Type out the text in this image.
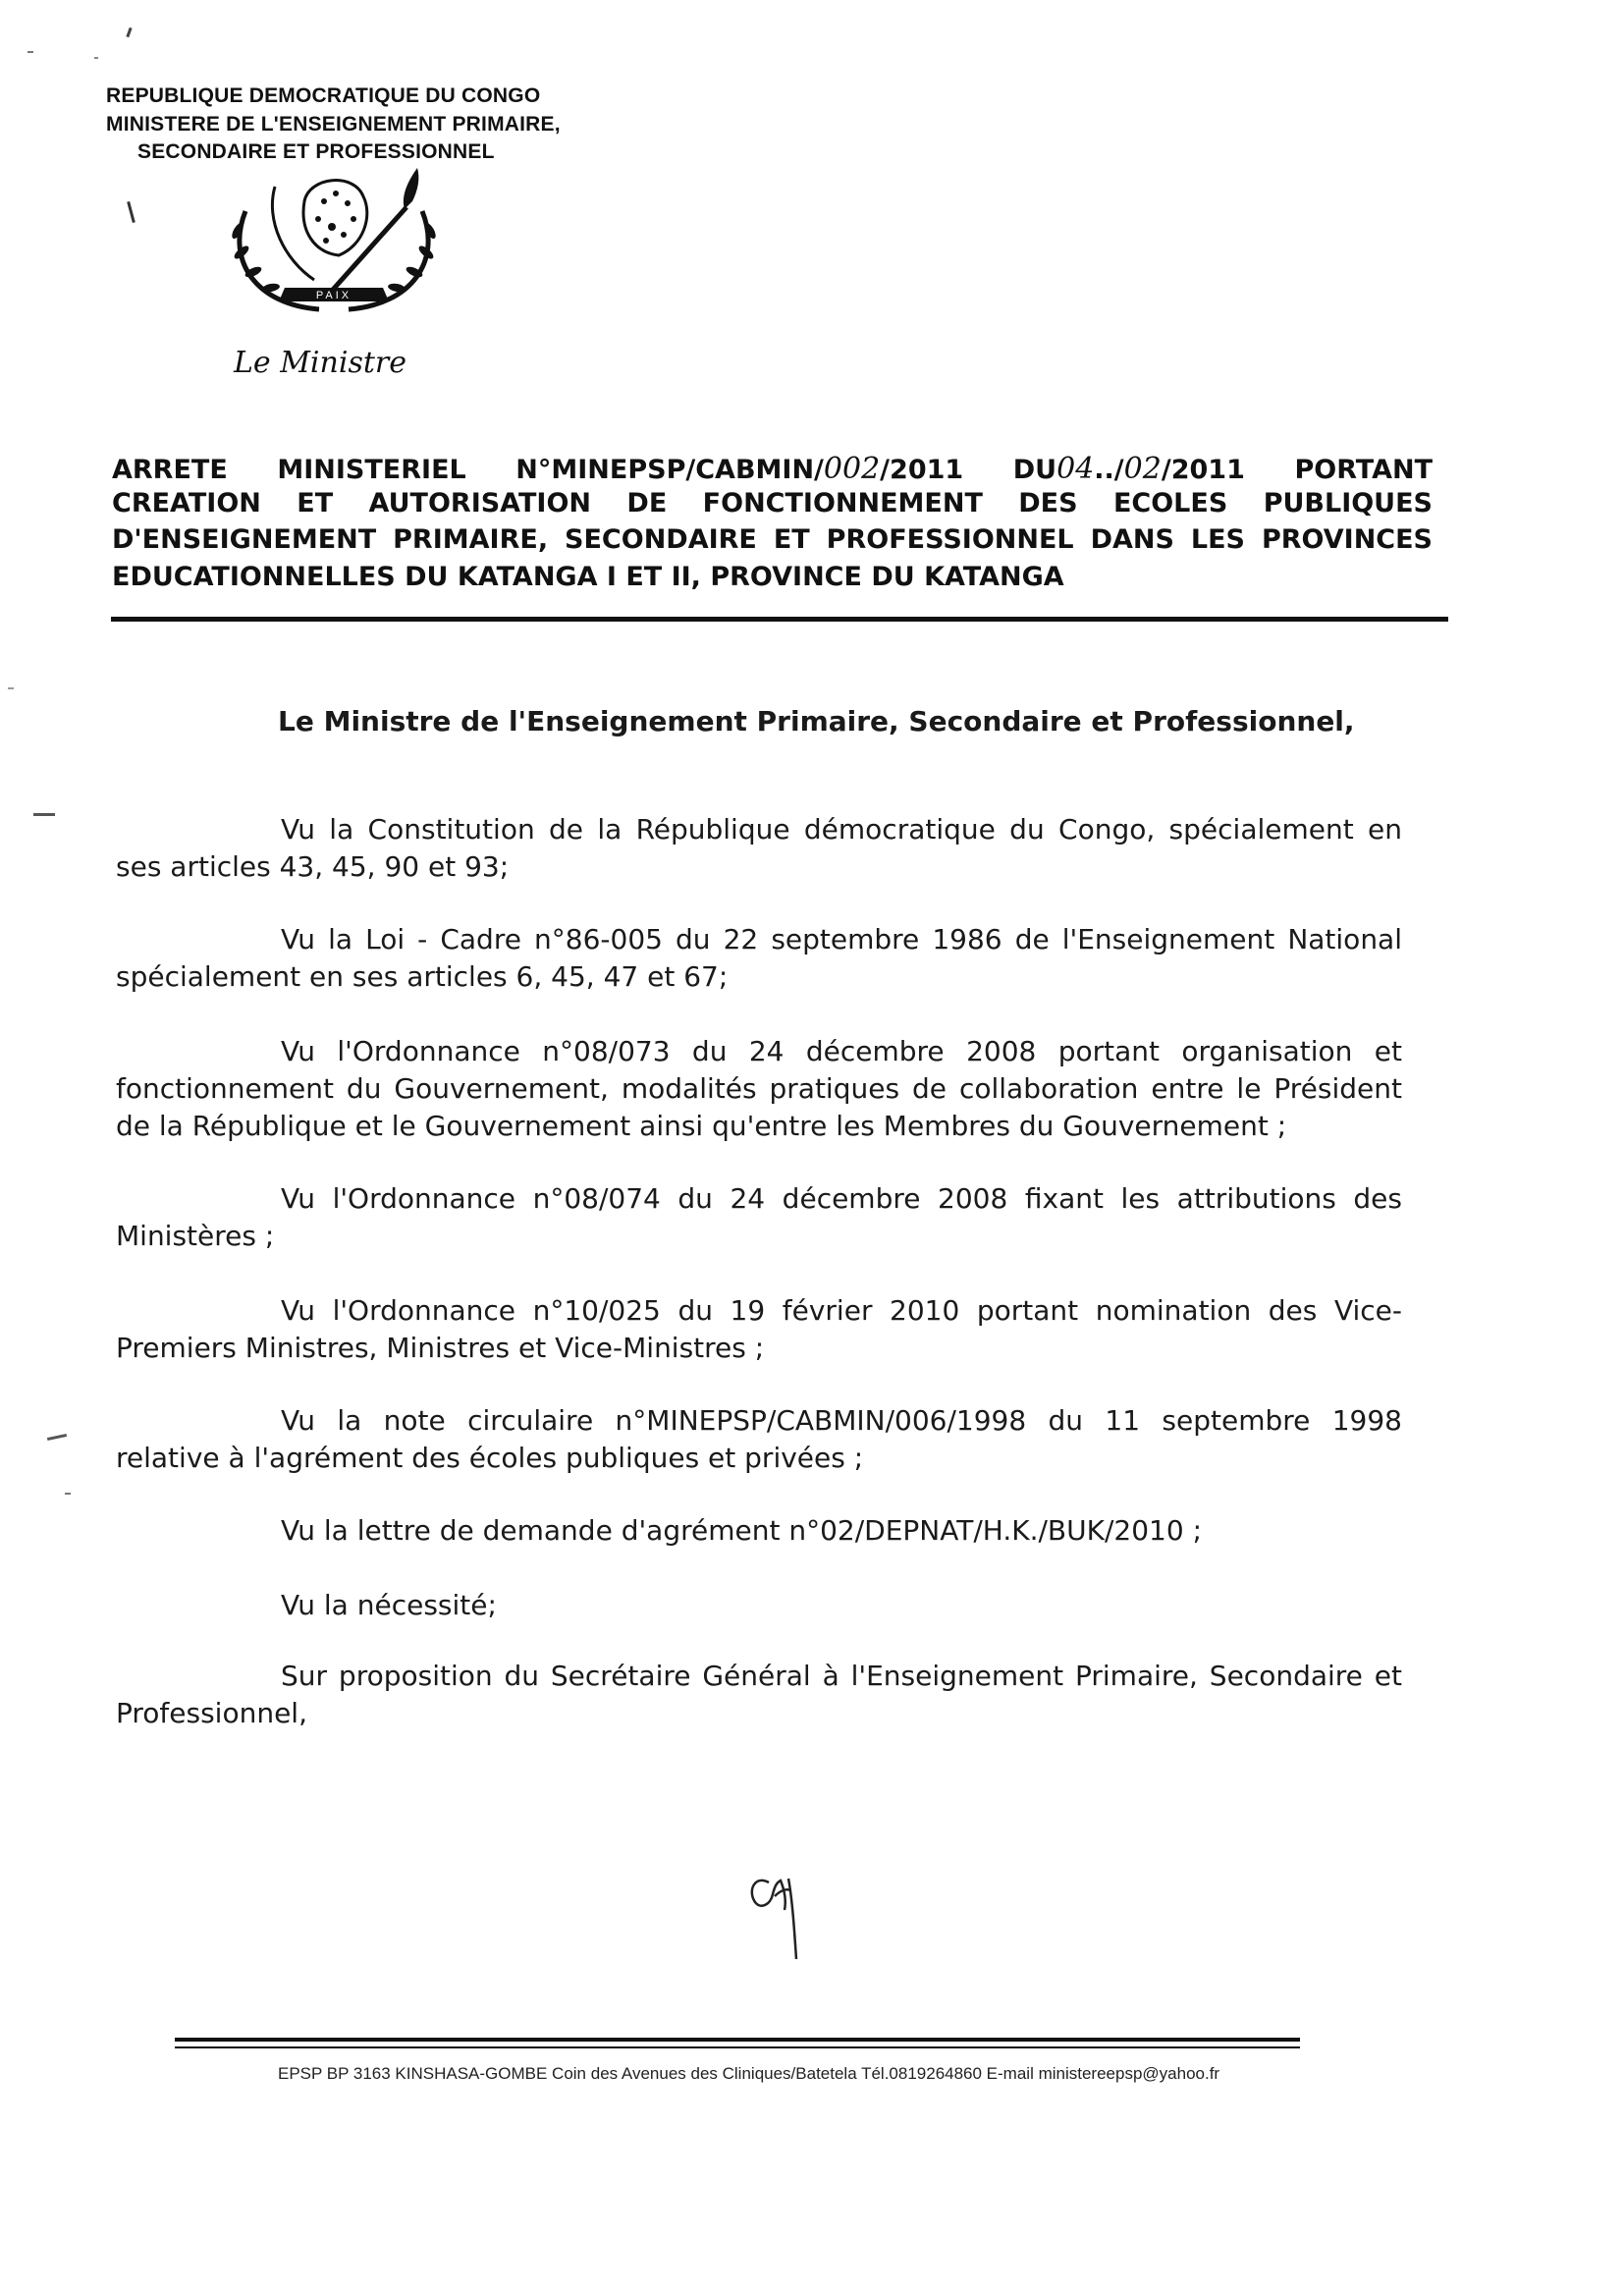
REPUBLIQUE DEMOCRATIQUE DU CONGO
MINISTERE DE L'ENSEIGNEMENT PRIMAIRE,
SECONDAIRE ET PROFESSIONNEL
PAIX
Le Ministre
ARRETE MINISTERIEL N°MINEPSP/CABMIN/002/2011 DU04../02/2011 PORTANT
CREATION ET AUTORISATION DE FONCTIONNEMENT DES ECOLES PUBLIQUES
D'ENSEIGNEMENT PRIMAIRE, SECONDAIRE ET PROFESSIONNEL DANS LES PROVINCES
EDUCATIONNELLES DU KATANGA I ET II, PROVINCE DU KATANGA
Le Ministre de l'Enseignement Primaire, Secondaire et Professionnel,
Vu la Constitution de la République démocratique du Congo, spécialement en ses articles 43, 45, 90 et 93;
Vu la Loi - Cadre n°86-005 du 22 septembre 1986 de l'Enseignement National spécialement en ses articles 6, 45, 47 et 67;
Vu l'Ordonnance n°08/073 du 24 décembre 2008 portant organisation et fonctionnement du Gouvernement, modalités pratiques de collaboration entre le Président de la République et le Gouvernement ainsi qu'entre les Membres du Gouvernement ;
Vu l'Ordonnance n°08/074 du 24 décembre 2008 fixant les attributions des Ministères ;
Vu l'Ordonnance n°10/025 du 19 février 2010 portant nomination des Vice-Premiers Ministres, Ministres et Vice-Ministres ;
Vu la note circulaire n°MINEPSP/CABMIN/006/1998 du 11 septembre 1998 relative à l'agrément des écoles publiques et privées ;
Vu la lettre de demande d'agrément n°02/DEPNAT/H.K./BUK/2010 ;
Vu la nécessité;
Sur proposition du Secrétaire Général à l'Enseignement Primaire, Secondaire et Professionnel,
EPSP BP 3163 KINSHASA-GOMBE Coin des Avenues des Cliniques/Batetela Tél.0819264860 E-mail ministereepsp@yahoo.fr
